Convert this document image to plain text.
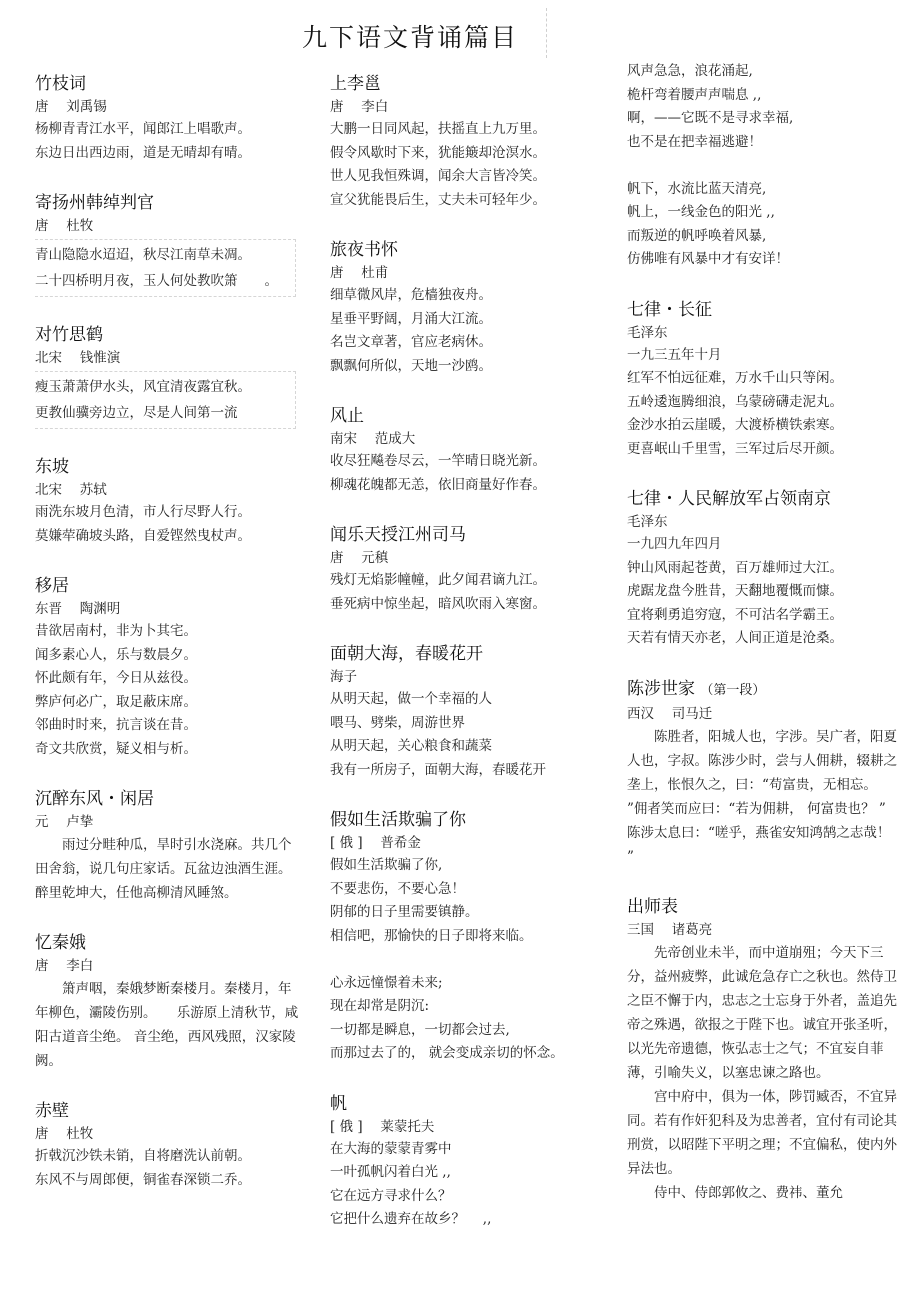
九下语文背诵篇目
竹枝词
唐　 刘禹锡
杨柳青青江水平，闻郎江上唱歌声。
东边日出西边雨，道是无晴却有晴。
寄扬州韩绰判官
唐　 杜牧
青山隐隐水迢迢，秋尽江南草未凋。
二十四桥明月夜，玉人何处教吹箫　　。
对竹思鹤
北宋　 钱惟演
瘦玉萧萧伊水头，风宜清夜露宜秋。
更教仙骥旁边立，尽是人间第一流
东坡
北宋　 苏轼
雨洗东坡月色清，市人行尽野人行。
莫嫌荦确坡头路，自爱铿然曳杖声。
移居
东晋　 陶渊明
昔欲居南村，非为卜其宅。
闻多素心人，乐与数晨夕。
怀此颇有年，今日从兹役。
弊庐何必广，取足蔽床席。
邻曲时时来，抗言谈在昔。
奇文共欣赏，疑义相与析。
沉醉东风・闲居
元　 卢挚
雨过分畦种瓜，旱时引水浇麻。共几个田舍翁，说几句庄家话。瓦盆边浊酒生涯。醉里乾坤大，任他高柳清风睡煞。
忆秦娥
唐　 李白
箫声咽，秦娥梦断秦楼月。秦楼月，年年柳色，灞陵伤别。　　乐游原上清秋节，咸阳古道音尘绝。 音尘绝，西风残照，汉家陵阙。
赤壁
唐　 杜牧
折戟沉沙铁未销，自将磨洗认前朝。
东风不与周郎便，铜雀春深锁二乔。
上李邕
唐　 李白
大鹏一日同风起，扶摇直上九万里。
假令风歇时下来，犹能簸却沧溟水。
世人见我恒殊调，闻余大言皆冷笑。
宣父犹能畏后生，丈夫未可轻年少。
旅夜书怀
唐　 杜甫
细草微风岸，危樯独夜舟。
星垂平野阔，月涌大江流。
名岂文章著，官应老病休。
飘飘何所似，天地一沙鸥。
风止
南宋　 范成大
收尽狂飚卷尽云，一竿晴日晓光新。
柳魂花魄都无恙，依旧商量好作春。
闻乐天授江州司马
唐　 元稹
残灯无焰影幢幢，此夕闻君谪九江。
垂死病中惊坐起，暗风吹雨入寒窗。
面朝大海，春暖花开
海子
从明天起，做一个幸福的人
喂马、劈柴，周游世界
从明天起，关心粮食和蔬菜
我有一所房子，面朝大海，春暖花开
假如生活欺骗了你
[ 俄 ]　 普希金
假如生活欺骗了你,
不要悲伤，不要心急！
阴郁的日子里需要镇静。
相信吧，那愉快的日子即将来临。

心永远憧憬着未来;
现在却常是阴沉:
一切都是瞬息，一切都会过去,
而那过去了的， 就会变成亲切的怀念。
帆
[ 俄 ]　 莱蒙托夫
在大海的蒙蒙青雾中
一叶孤帆闪着白光 ,,
它在远方寻求什么？
它把什么遗弃在故乡？　 ,,
风声急急，浪花涌起,
桅杆弯着腰声声喘息 ,,
啊，——它既不是寻求幸福,
也不是在把幸福逃避！

帆下，水流比蓝天清亮,
帆上，一线金色的阳光 ,,
而叛逆的帆呼唤着风暴,
仿佛唯有风暴中才有安详！
七律・长征
毛泽东
一九三五年十月
红军不怕远征难，万水千山只等闲。
五岭逶迤腾细浪，乌蒙磅礴走泥丸。
金沙水拍云崖暖，大渡桥横铁索寒。
更喜岷山千里雪，三军过后尽开颜。
七律・人民解放军占领南京
毛泽东
一九四九年四月
钟山风雨起苍黄，百万雄师过大江。
虎踞龙盘今胜昔，天翻地覆慨而慷。
宜将剩勇追穷寇，不可沽名学霸王。
天若有情天亦老，人间正道是沧桑。
陈涉世家 （第一段）
西汉　 司马迁
陈胜者，阳城人也，字涉。吴广者，阳夏人也，字叔。陈涉少时，尝与人佣耕，辍耕之垄上，怅恨久之，曰：“苟富贵，无相忘。 ”佣者笑而应曰：“若为佣耕， 何富贵也？ ” 陈涉太息曰：“嗟乎，燕雀安知鸿鹄之志哉！ ”
出师表
三国　 诸葛亮
先帝创业未半，而中道崩殂；今天下三分，益州疲弊，此诚危急存亡之秋也。然侍卫之臣不懈于内，忠志之士忘身于外者，盖追先帝之殊遇，欲报之于陛下也。诚宜开张圣听，以光先帝遗德，恢弘志士之气；不宜妄自菲薄，引喻失义，以塞忠谏之路也。
宫中府中，俱为一体，陟罚臧否，不宜异同。若有作奸犯科及为忠善者，宜付有司论其刑赏，以昭陛下平明之理；不宜偏私，使内外异法也。
侍中、侍郎郭攸之、费祎、董允
